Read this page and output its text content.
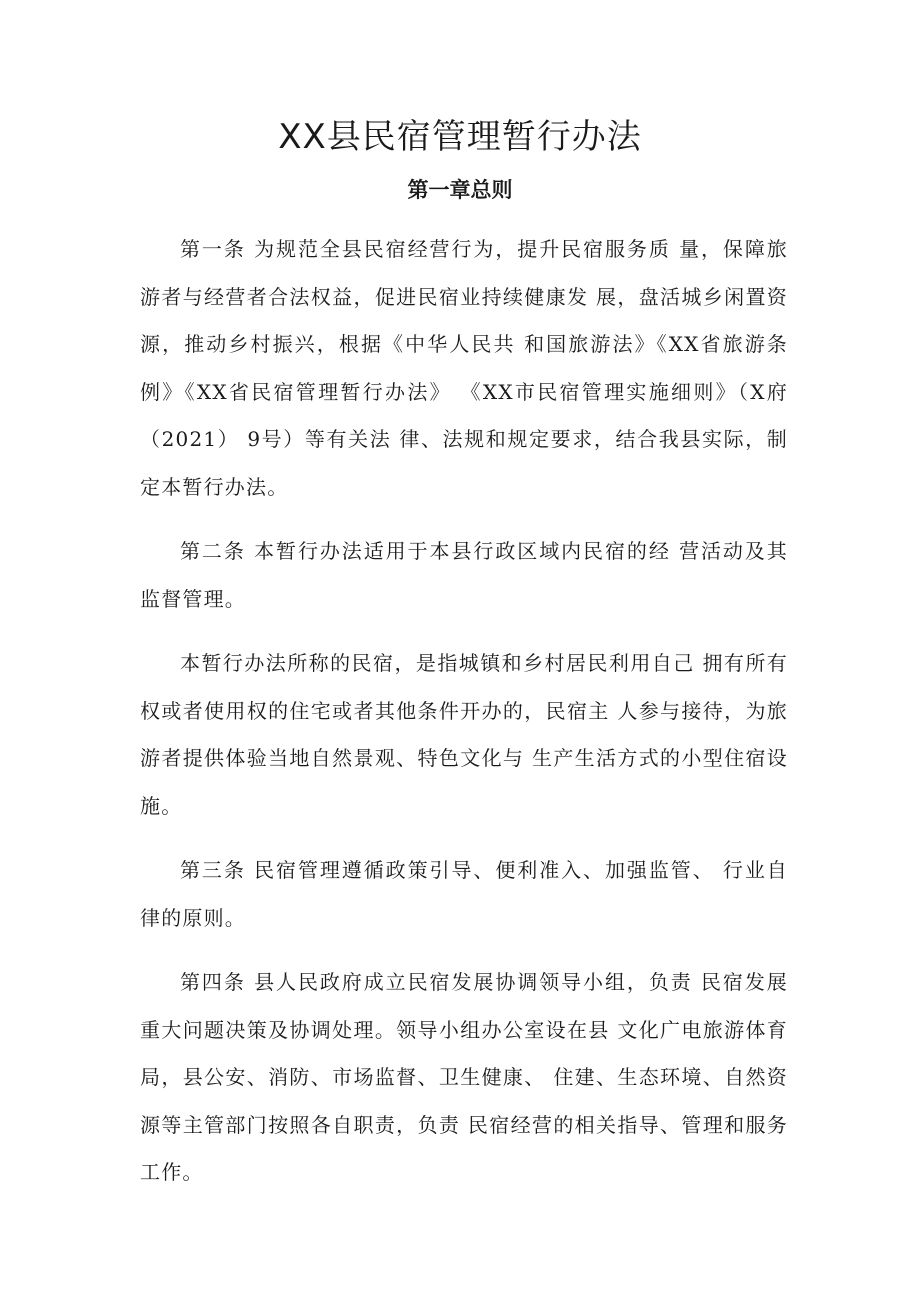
XX县民宿管理暂行办法
第一章总则

第一条 为规范全县民宿经营行为，提升民宿服务质 量，保障旅游者与经营者合法权益，促进民宿业持续健康发 展，盘活城乡闲置资源，推动乡村振兴，根据《中华人民共 和国旅游法》《XX省旅游条例》《XX省民宿管理暂行办法》 《XX市民宿管理实施细则》（X府（2021） 9号）等有关法 律、法规和规定要求，结合我县实际，制定本暂行办法。

第二条 本暂行办法适用于本县行政区域内民宿的经 营活动及其监督管理。

本暂行办法所称的民宿，是指城镇和乡村居民利用自己 拥有所有权或者使用权的住宅或者其他条件开办的，民宿主 人参与接待，为旅游者提供体验当地自然景观、特色文化与 生产生活方式的小型住宿设施。

第三条 民宿管理遵循政策引导、便利准入、加强监管、 行业自律的原则。

第四条 县人民政府成立民宿发展协调领导小组，负责 民宿发展重大问题决策及协调处理。领导小组办公室设在县 文化广电旅游体育局，县公安、消防、市场监督、卫生健康、 住建、生态环境、自然资源等主管部门按照各自职责，负责 民宿经营的相关指导、管理和服务工作。
